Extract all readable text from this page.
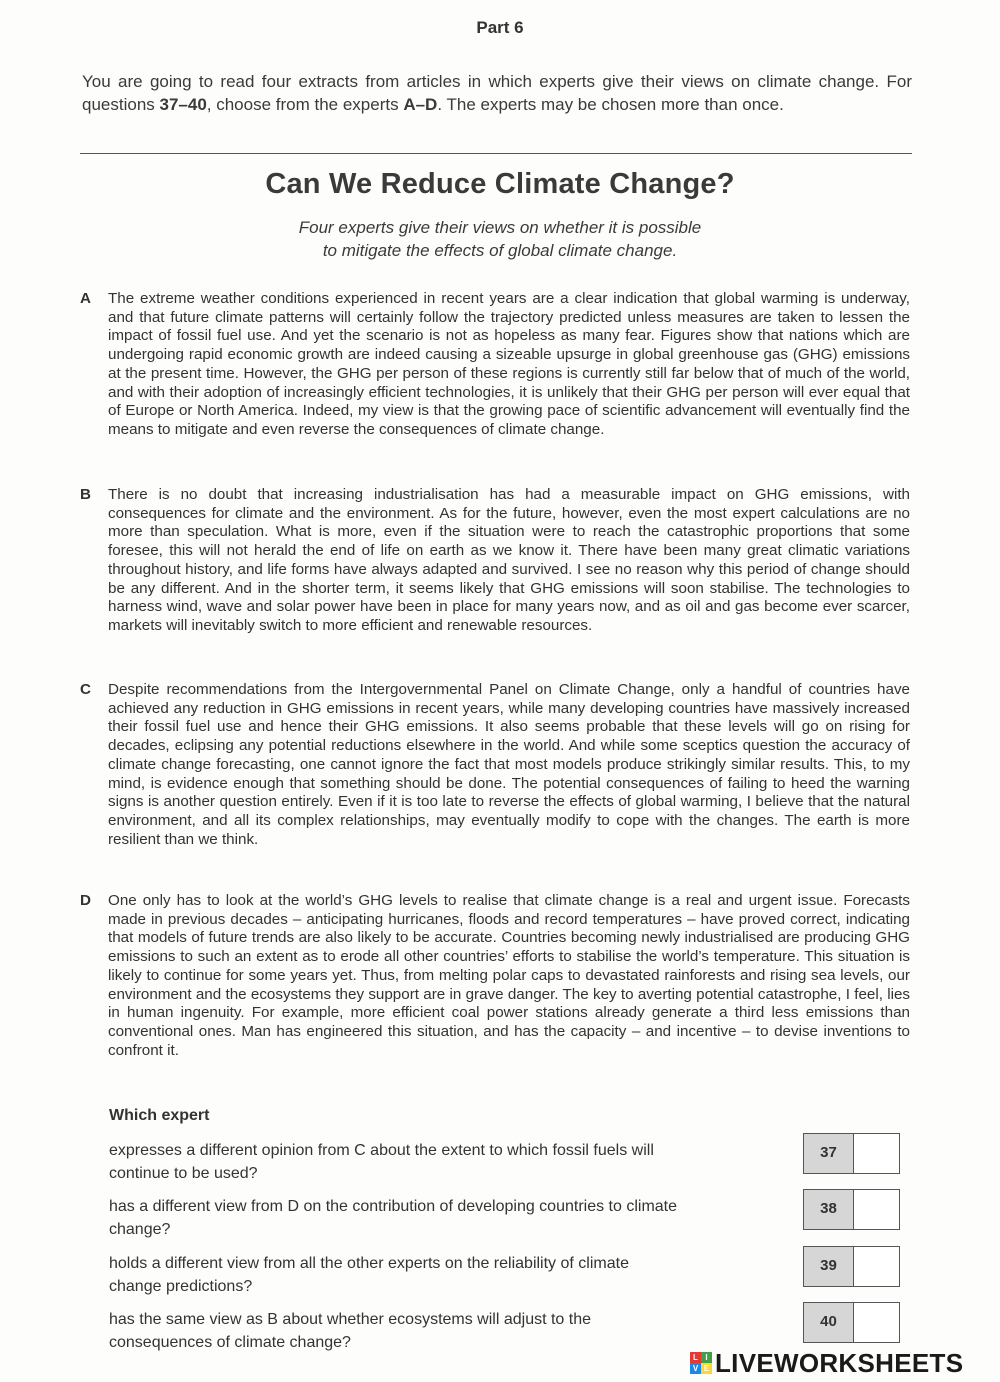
Part 6
You are going to read four extracts from articles in which experts give their views on climate change. For questions 37–40, choose from the experts A–D. The experts may be chosen more than once.
Can We Reduce Climate Change?
Four experts give their views on whether it is possible
to mitigate the effects of global climate change.
A	The extreme weather conditions experienced in recent years are a clear indication that global warming is underway, and that future climate patterns will certainly follow the trajectory predicted unless measures are taken to lessen the impact of fossil fuel use. And yet the scenario is not as hopeless as many fear. Figures show that nations which are undergoing rapid economic growth are indeed causing a sizeable upsurge in global greenhouse gas (GHG) emissions at the present time. However, the GHG per person of these regions is currently still far below that of much of the world, and with their adoption of increasingly efficient technologies, it is unlikely that their GHG per person will ever equal that of Europe or North America. Indeed, my view is that the growing pace of scientific advancement will eventually find the means to mitigate and even reverse the consequences of climate change.
B	There is no doubt that increasing industrialisation has had a measurable impact on GHG emissions, with consequences for climate and the environment. As for the future, however, even the most expert calculations are no more than speculation. What is more, even if the situation were to reach the catastrophic proportions that some foresee, this will not herald the end of life on earth as we know it. There have been many great climatic variations throughout history, and life forms have always adapted and survived. I see no reason why this period of change should be any different. And in the shorter term, it seems likely that GHG emissions will soon stabilise. The technologies to harness wind, wave and solar power have been in place for many years now, and as oil and gas become ever scarcer, markets will inevitably switch to more efficient and renewable resources.
C	Despite recommendations from the Intergovernmental Panel on Climate Change, only a handful of countries have achieved any reduction in GHG emissions in recent years, while many developing countries have massively increased their fossil fuel use and hence their GHG emissions. It also seems probable that these levels will go on rising for decades, eclipsing any potential reductions elsewhere in the world. And while some sceptics question the accuracy of climate change forecasting, one cannot ignore the fact that most models produce strikingly similar results. This, to my mind, is evidence enough that something should be done. The potential consequences of failing to heed the warning signs is another question entirely. Even if it is too late to reverse the effects of global warming, I believe that the natural environment, and all its complex relationships, may eventually modify to cope with the changes. The earth is more resilient than we think.
D	One only has to look at the world’s GHG levels to realise that climate change is a real and urgent issue. Forecasts made in previous decades – anticipating hurricanes, floods and record temperatures – have proved correct, indicating that models of future trends are also likely to be accurate. Countries becoming newly industrialised are producing GHG emissions to such an extent as to erode all other countries’ efforts to stabilise the world’s temperature. This situation is likely to continue for some years yet. Thus, from melting polar caps to devastated rainforests and rising sea levels, our environment and the ecosystems they support are in grave danger. The key to averting potential catastrophe, I feel, lies in human ingenuity. For example, more efficient coal power stations already generate a third less emissions than conventional ones. Man has engineered this situation, and has the capacity – and incentive – to devise inventions to confront it.
Which expert
expresses a different opinion from C about the extent to which fossil fuels will
continue to be used?
37
has a different view from D on the contribution of developing countries to climate
change?
38
holds a different view from all the other experts on the reliability of climate
change predictions?
39
has the same view as B about whether ecosystems will adjust to the
consequences of climate change?
40
L I
V E LIVEWORKSHEETS
